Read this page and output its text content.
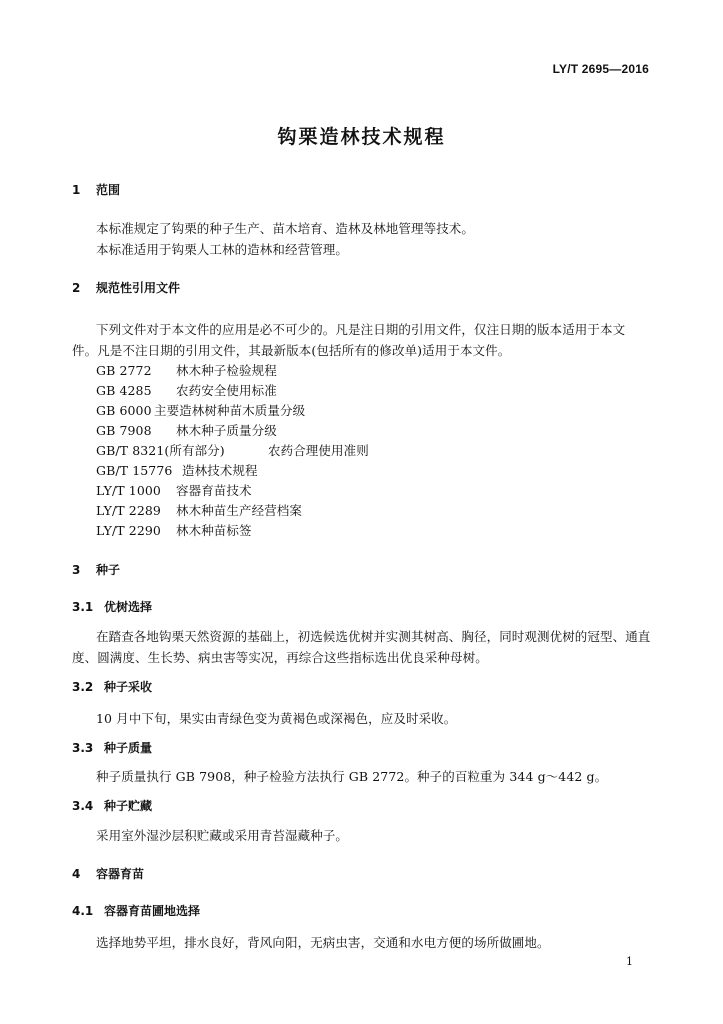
LY/T 2695—2016
钩栗造林技术规程
1 范围
本标准规定了钩栗的种子生产、苗木培育、造林及林地管理等技术。
本标准适用于钩栗人工林的造林和经营管理。
2 规范性引用文件
下列文件对于本文件的应用是必不可少的。凡是注日期的引用文件，仅注日期的版本适用于本文
件。凡是不注日期的引用文件，其最新版本(包括所有的修改单)适用于本文件。
GB 2772 林木种子检验规程
GB 4285 农药安全使用标准
GB 6000 主要造林树种苗木质量分级
GB 7908 林木种子质量分级
GB/T 8321(所有部分)	农药合理使用准则
GB/T 15776 造林技术规程
LY/T 1000 容器育苗技术
LY/T 2289 林木种苗生产经营档案
LY/T 2290 林木种苗标签
3 种子
3.1 优树选择
在踏查各地钩栗天然资源的基础上，初选候选优树并实测其树高、胸径，同时观测优树的冠型、通直
度、圆满度、生长势、病虫害等实况，再综合这些指标选出优良采种母树。
3.2 种子采收
10 月中下旬，果实由青绿色变为黄褐色或深褐色，应及时采收。
3.3 种子质量
种子质量执行 GB 7908，种子检验方法执行 GB 2772。种子的百粒重为 344 g～442 g。
3.4 种子贮藏
采用室外湿沙层积贮藏或采用青苔湿藏种子。
4 容器育苗
4.1 容器育苗圃地选择
选择地势平坦，排水良好，背风向阳，无病虫害，交通和水电方便的场所做圃地。
1
